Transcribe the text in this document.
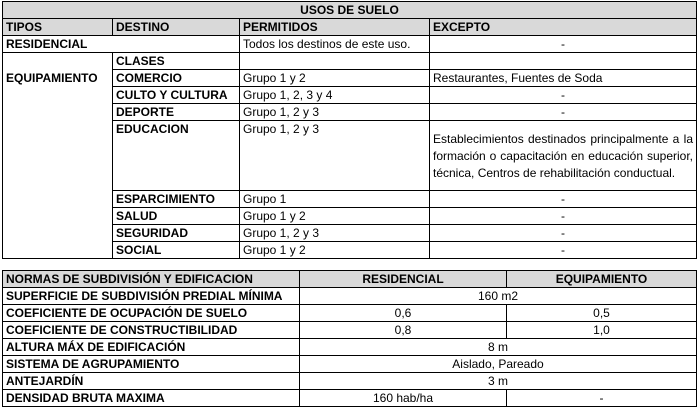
USOS DE SUELO			
TIPOS	DESTINO	PERMITIDOS	EXCEPTO
RESIDENCIAL		Todos los destinos de este uso.	-

EQUIPAMIENTO	CLASES		
	COMERCIO	Grupo 1 y 2	Restaurantes, Fuentes de Soda
	CULTO Y CULTURA	Grupo 1, 2, 3 y 4	-
	DEPORTE	Grupo 1, 2 y 3	-
	EDUCACION	Grupo 1, 2 y 3	Establecimientos destinados principalmente a la formación o capacitación en educación superior, técnica, Centros de rehabilitación conductual.
	ESPARCIMIENTO	Grupo 1	-
	SALUD	Grupo 1 y 2	-
	SEGURIDAD	Grupo 1, 2 y 3	-
	SOCIAL	Grupo 1 y 2	-
NORMAS DE SUBDIVISIÓN Y EDIFICACION	RESIDENCIAL	EQUIPAMIENTO
SUPERFICIE DE SUBDIVISIÓN PREDIAL MÍNIMA	160 m2	
COEFICIENTE DE OCUPACIÓN DE SUELO	0,6	0,5
COEFICIENTE DE CONSTRUCTIBILIDAD	0,8	1,0
ALTURA MÁX DE EDIFICACIÓN	8 m	
SISTEMA DE AGRUPAMIENTO	Aislado, Pareado	
ANTEJARDÍN	3 m	
DENSIDAD BRUTA MAXIMA	160 hab/ha	-
